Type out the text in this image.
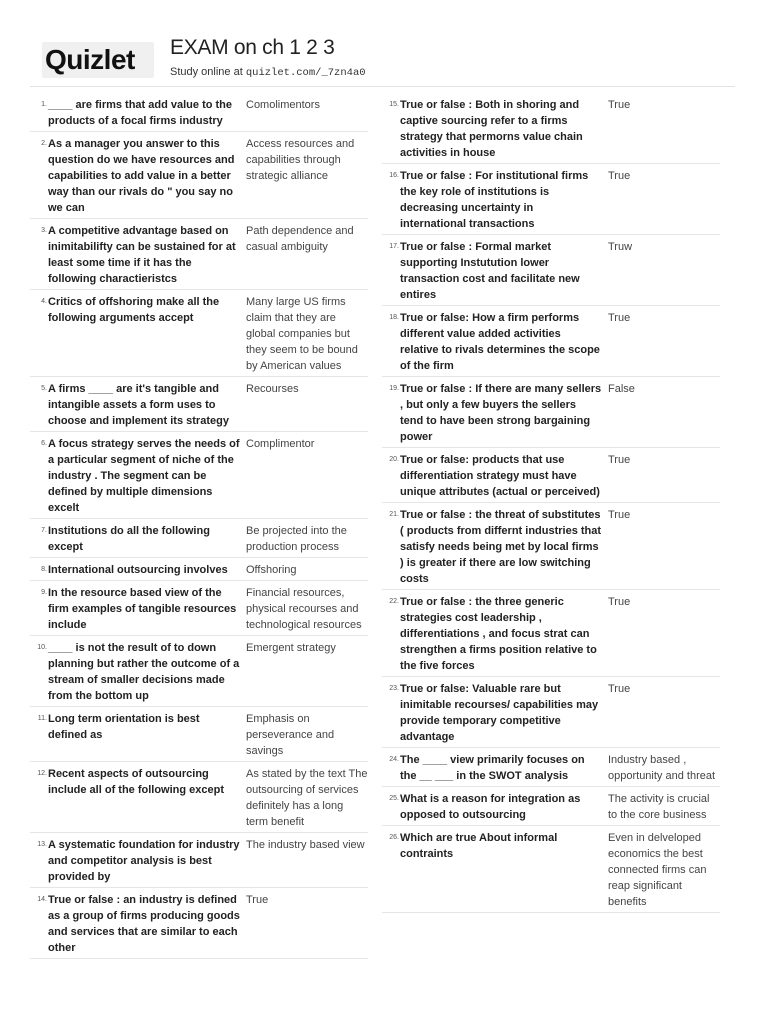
Quizlet	EXAM on ch 1 2 3
Study online at quizlet.com/_7zn4a0
1. ____ are firms that add value to the products of a focal firms industry
Comolimentors
2. As a manager you answer to this question do we have resources and capabilities to add value in a better way than our rivals do " you say no we can
Access resources and capabilities through strategic alliance
3. A competitive advantage based on inimitabilifty can be sustained for at least some time if it has the following charactieristcs
Path dependence and casual ambiguity
4. Critics of offshoring make all the following arguments accept
Many large US firms claim that they are global companies but they seem to be bound by American values
5. A firms ____ are it's tangible and intangible assets a form uses to choose and implement its strategy
Recourses
6. A focus strategy serves the needs of a particular segment of niche of the industry . The segment can be defined by multiple dimensions excelt
Complimentor
7. Institutions do all the following except
Be projected into the production process
8. International outsourcing involves	Offshoring
9. In the resource based view of the firm examples of tangible resources include
Financial resources, physical recourses and technological resources
10. ____ is not the result of to down planning but rather the outcome of a stream of smaller decisions made from the bottom up
Emergent strategy
11. Long term orientation is best defined as
Emphasis on perseverance and savings
12. Recent aspects of outsourcing include all of the following except
As stated by the text The outsourcing of services definitely has a long term benefit
13. A systematic foundation for industry and competitor analysis is best provided by
The industry based view
14. True or false : an industry is defined as a group of firms producing goods and services that are similar to each other
True
15. True or false : Both in shoring and captive sourcing refer to a firms strategy that permorns value chain activities in house
True
16. True or false : For institutional firms the key role of institutions is decreasing uncertainty in international transactions
True
17. True or false : Formal market supporting Instutution lower transaction cost and facilitate new entires
Truw
18. True or false: How a firm performs different value added activities relative to rivals determines the scope of the firm
True
19. True or false : If there are many sellers , but only a few buyers the sellers tend to have been strong bargaining power
False
20. True or false: products that use differentiation strategy must have unique attributes (actual or perceived)
True
21. True or false : the threat of substitutes ( products from differnt industries that satisfy needs being met by local firms ) is greater if there are low switching costs
True
22. True or false : the three generic strategies cost leadership , differentiations , and focus strat can strengthen a firms position relative to the five forces
True
23. True or false: Valuable rare but inimitable recourses/ capabilities may provide temporary competitive advantage
True
24. The ____ view primarily focuses on the __ ___ in the SWOT analysis
Industry based , opportunity and threat
25. What is a reason for integration as opposed to outsourcing
The activity is crucial to the core business
26. Which are true About informal contraints
Even in delveloped economics the best connected firms can reap significant benefits
